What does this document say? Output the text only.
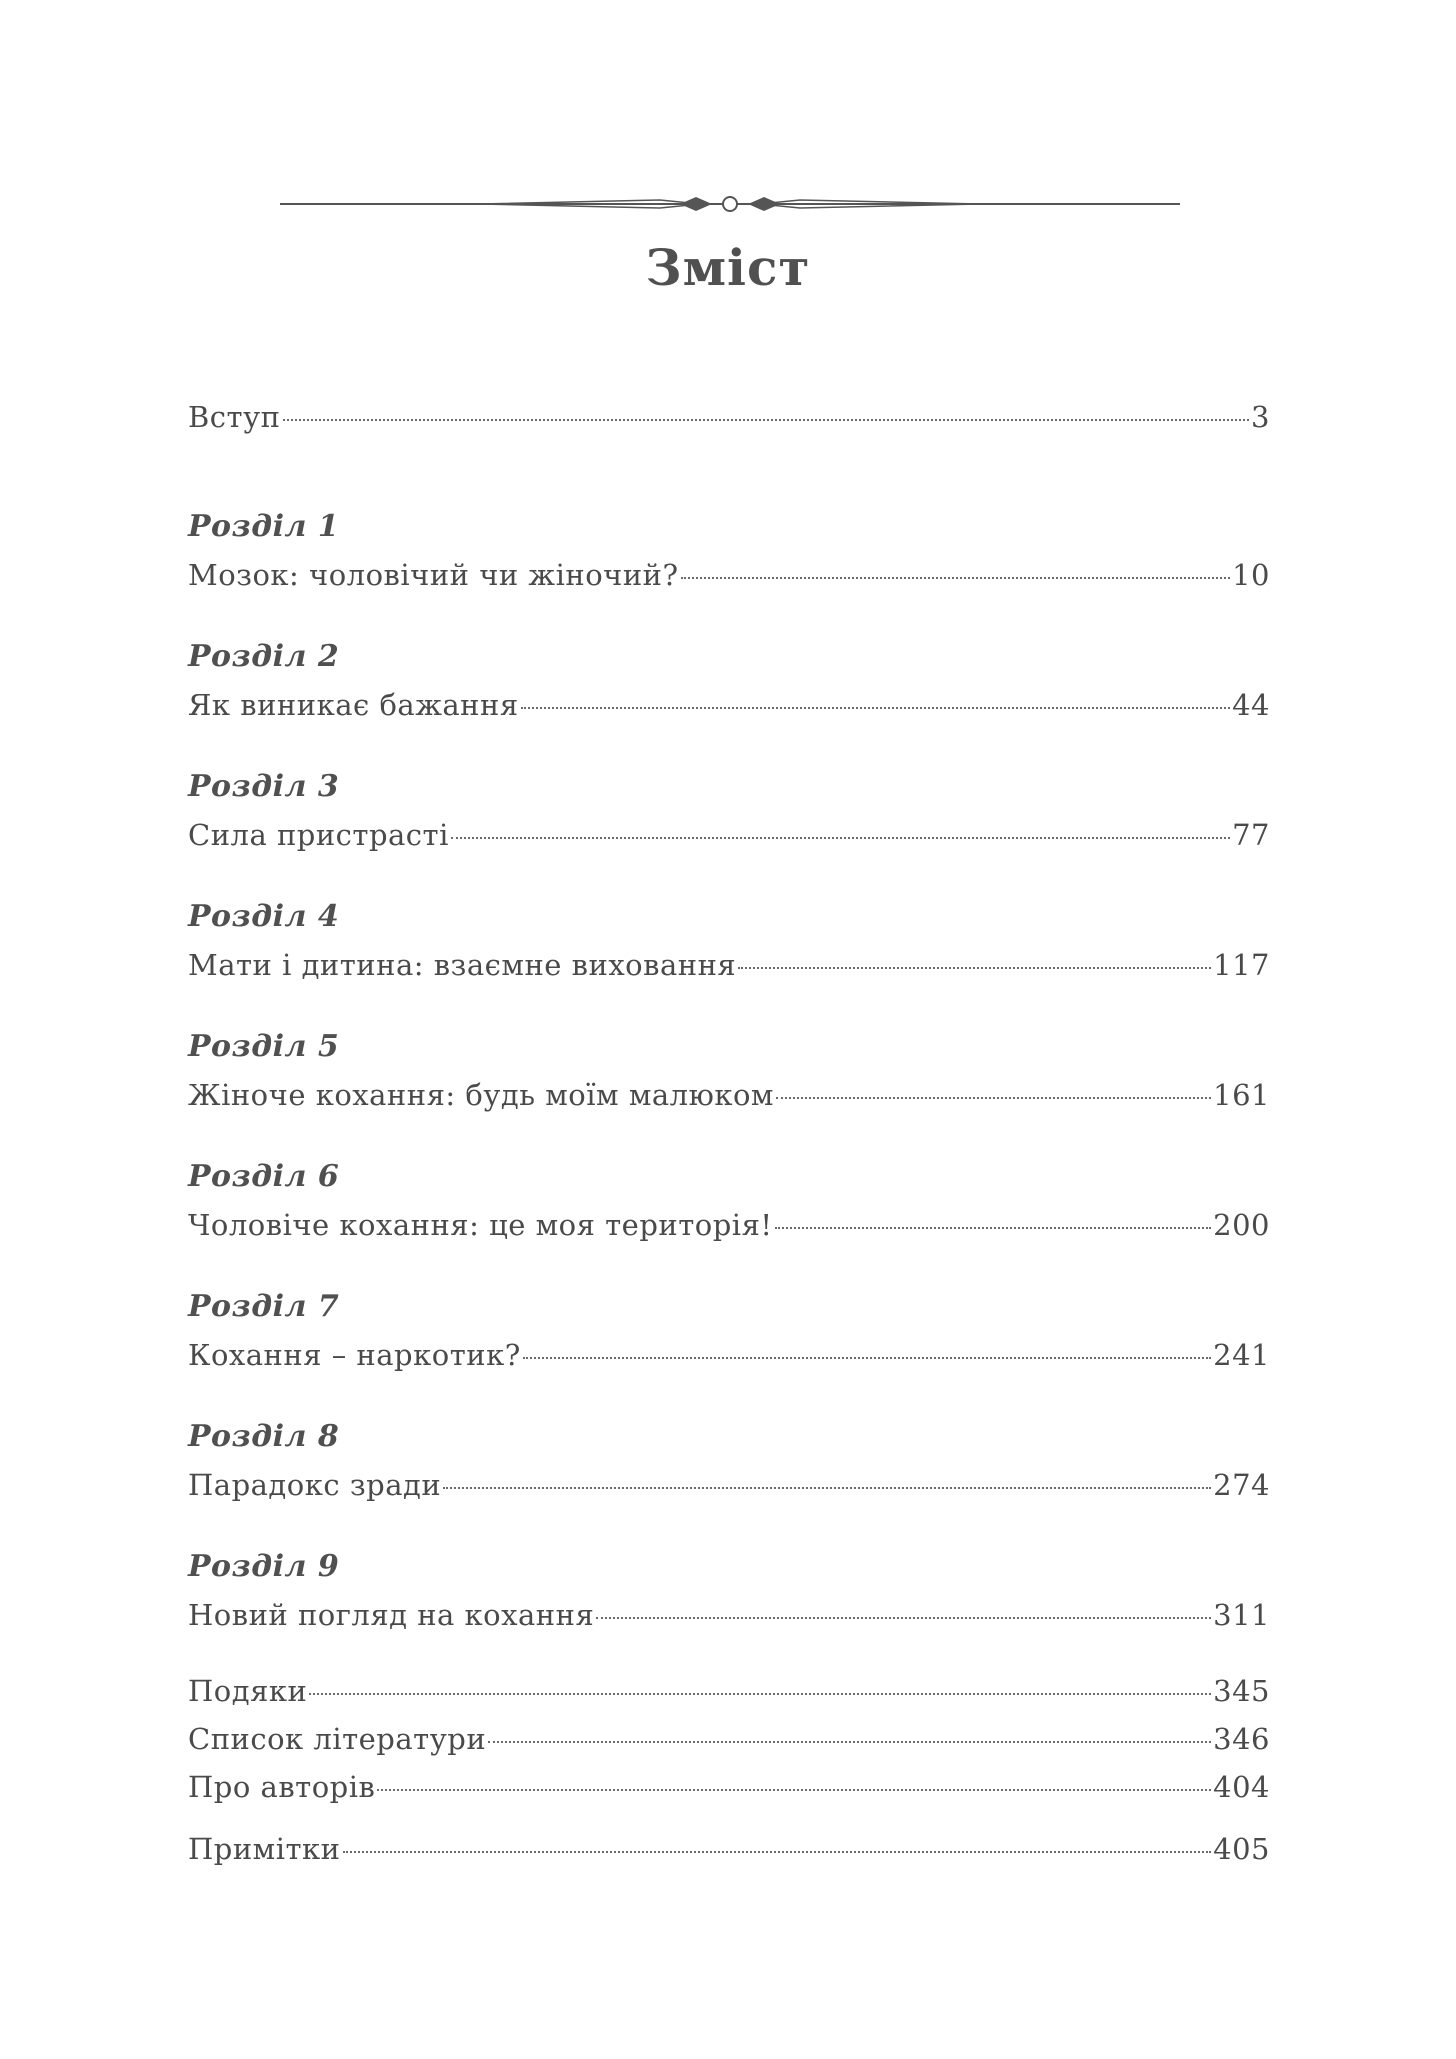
Зміст
Вступ	3
Розділ 1
Мозок: чоловічий чи жіночий?	10
Розділ 2
Як виникає бажання	44
Розділ 3
Сила пристрасті	77
Розділ 4
Мати і дитина: взаємне виховання	117
Розділ 5
Жіноче кохання: будь моїм малюком	161
Розділ 6
Чоловіче кохання: це моя територія!	200
Розділ 7
Кохання – наркотик?	241
Розділ 8
Парадокс зради	274
Розділ 9
Новий погляд на кохання	311
Подяки	345
Список літератури	346
Про авторів	404
Примітки	405
